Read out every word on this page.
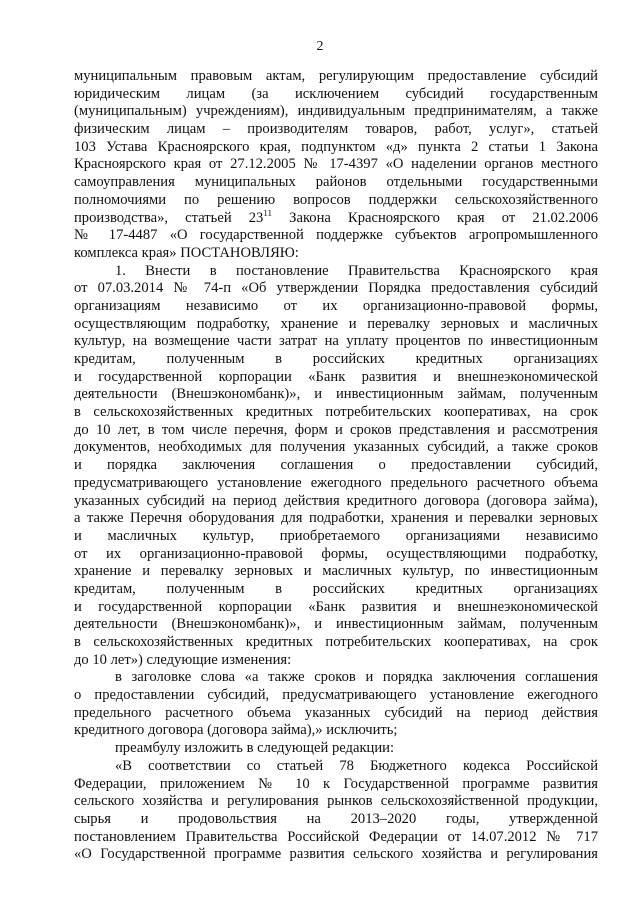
2
муниципальным правовым актам, регулирующим предоставление субсидий
юридическим лицам (за исключением субсидий государственным
(муниципальным) учреждениям), индивидуальным предпринимателям, а также
физическим лицам – производителям товаров, работ, услуг», статьей
103 Устава Красноярского края, подпунктом «д» пункта 2 статьи 1 Закона
Красноярского края от 27.12.2005 № 17-4397 «О наделении органов местного
самоуправления муниципальных районов отдельными государственными
полномочиями по решению вопросов поддержки сельскохозяйственного
производства», статьей $23^{11}$ Закона Красноярского края от 21.02.2006
№ 17-4487 «О государственной поддержке субъектов агропромышленного
комплекса края» ПОСТАНОВЛЯЮ:
1. Внести в постановление Правительства Красноярского края
от 07.03.2014 № 74-п «Об утверждении Порядка предоставления субсидий
организациям независимо от их организационно-правовой формы,
осуществляющим подработку, хранение и перевалку зерновых и масличных
культур, на возмещение части затрат на уплату процентов по инвестиционным
кредитам, полученным в российских кредитных организациях
и государственной корпорации «Банк развития и внешнеэкономической
деятельности (Внешэкономбанк)», и инвестиционным займам, полученным
в сельскохозяйственных кредитных потребительских кооперативах, на срок
до 10 лет, в том числе перечня, форм и сроков представления и рассмотрения
документов, необходимых для получения указанных субсидий, а также сроков
и порядка заключения соглашения о предоставлении субсидий,
предусматривающего установление ежегодного предельного расчетного объема
указанных субсидий на период действия кредитного договора (договора займа),
а также Перечня оборудования для подработки, хранения и перевалки зерновых
и масличных культур, приобретаемого организациями независимо
от их организационно-правовой формы, осуществляющими подработку,
хранение и перевалку зерновых и масличных культур, по инвестиционным
кредитам, полученным в российских кредитных организациях
и государственной корпорации «Банк развития и внешнеэкономической
деятельности (Внешэкономбанк)», и инвестиционным займам, полученным
в сельскохозяйственных кредитных потребительских кооперативах, на срок
до 10 лет») следующие изменения:
в заголовке слова «а также сроков и порядка заключения соглашения
о предоставлении субсидий, предусматривающего установление ежегодного
предельного расчетного объема указанных субсидий на период действия
кредитного договора (договора займа),» исключить;
преамбулу изложить в следующей редакции:
«В соответствии со статьей 78 Бюджетного кодекса Российской
Федерации, приложением № 10 к Государственной программе развития
сельского хозяйства и регулирования рынков сельскохозяйственной продукции,
сырья и продовольствия на 2013–2020 годы, утвержденной
постановлением Правительства Российской Федерации от 14.07.2012 № 717
«О Государственной программе развития сельского хозяйства и регулирования
